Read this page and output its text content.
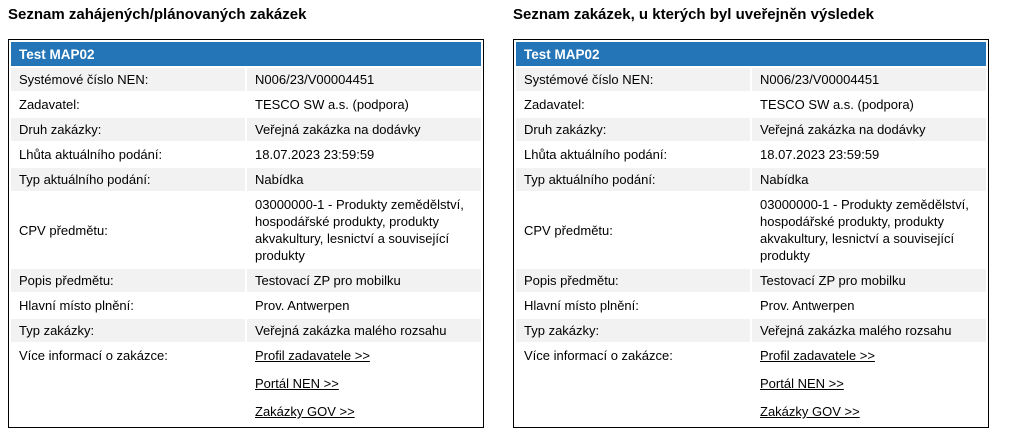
Seznam zahájených/plánovaných zakázek
Test MAP02	
Systémové číslo NEN:	N006/23/V00004451
Zadavatel:	TESCO SW a.s. (podpora)
Druh zakázky:	Veřejná zakázka na dodávky
Lhůta aktuálního podání:	18.07.2023 23:59:59
Typ aktuálního podání:	Nabídka
CPV předmětu:	03000000-1 - Produkty zemědělství, hospodářské produkty, produkty akvakultury, lesnictví a související produkty
Popis předmětu:	Testovací ZP pro mobilku
Hlavní místo plnění:	Prov. Antwerpen
Typ zakázky:	Veřejná zakázka malého rozsahu
Více informací o zakázce:	Profil zadavatele >>

Portál NEN >>

Zakázky GOV >>

Seznam zakázek, u kterých byl uveřejněn výsledek
Test MAP02	
Systémové číslo NEN:	N006/23/V00004451
Zadavatel:	TESCO SW a.s. (podpora)
Druh zakázky:	Veřejná zakázka na dodávky
Lhůta aktuálního podání:	18.07.2023 23:59:59
Typ aktuálního podání:	Nabídka
CPV předmětu:	03000000-1 - Produkty zemědělství, hospodářské produkty, produkty akvakultury, lesnictví a související produkty
Popis předmětu:	Testovací ZP pro mobilku
Hlavní místo plnění:	Prov. Antwerpen
Typ zakázky:	Veřejná zakázka malého rozsahu
Více informací o zakázce:	Profil zadavatele >>

Portál NEN >>

Zakázky GOV >>
